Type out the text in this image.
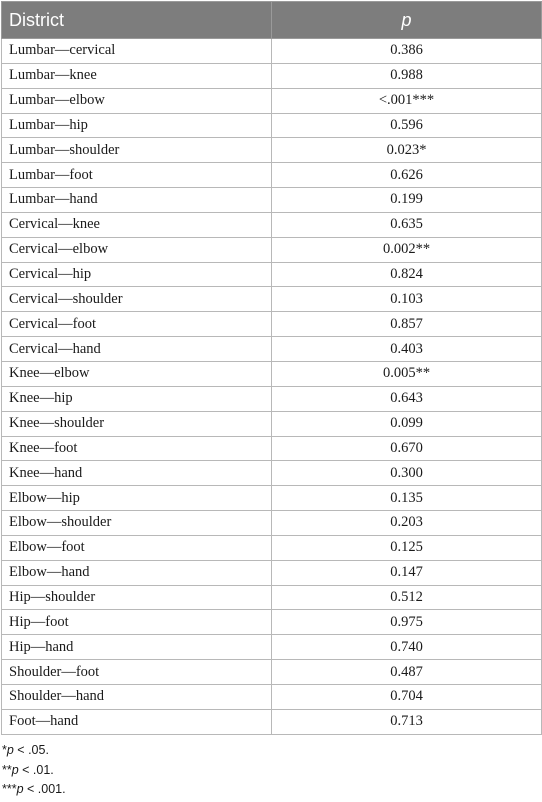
District	p
Lumbar—cervical	0.386
Lumbar—knee	0.988
Lumbar—elbow	<.001***
Lumbar—hip	0.596
Lumbar—shoulder	0.023*
Lumbar—foot	0.626
Lumbar—hand	0.199
Cervical—knee	0.635
Cervical—elbow	0.002**
Cervical—hip	0.824
Cervical—shoulder	0.103
Cervical—foot	0.857
Cervical—hand	0.403
Knee—elbow	0.005**
Knee—hip	0.643
Knee—shoulder	0.099
Knee—foot	0.670
Knee—hand	0.300
Elbow—hip	0.135
Elbow—shoulder	0.203
Elbow—foot	0.125
Elbow—hand	0.147
Hip—shoulder	0.512
Hip—foot	0.975
Hip—hand	0.740
Shoulder—foot	0.487
Shoulder—hand	0.704
Foot—hand	0.713
*p < .05.
**p < .01.
***p < .001.
